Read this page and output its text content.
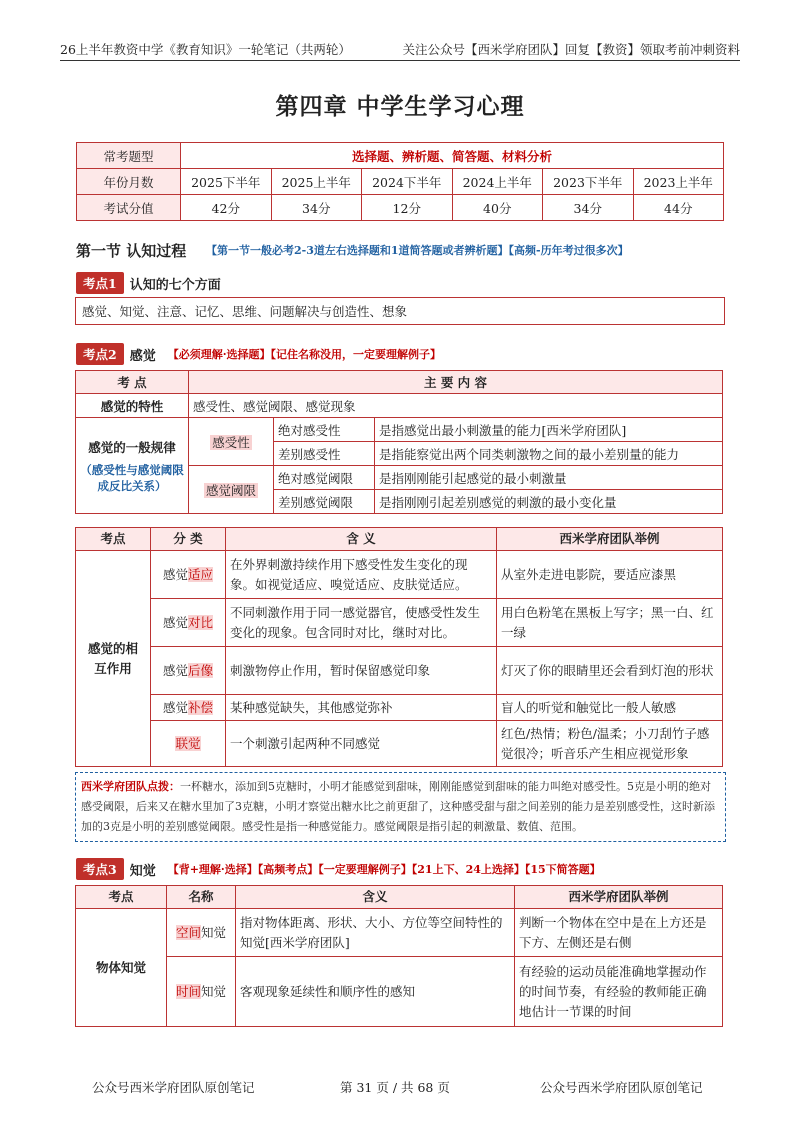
26上半年教资中学《教育知识》一轮笔记（共两轮）	关注公众号【西米学府团队】回复【教资】领取考前冲刺资料
第四章 中学生学习心理
常考题型	选择题、辨析题、简答题、材料分析					
年份月数	2025下半年	2025上半年	2024下半年	2024上半年	2023下半年	2023上半年
考试分值	42分	34分	12分	40分	34分	44分
第一节 认知过程 【第一节一般必考2-3道左右选择题和1道简答题或者辨析题】【高频-历年考过很多次】
考点1	认知的七个方面
感觉、知觉、注意、记忆、思维、问题解决与创造性、想象
考点2	感觉 【必须理解·选择题】【记住名称没用，一定要理解例子】
考 点	主 要 内 容		
感觉的特性	感受性、感觉阈限、感觉现象		

感觉的一般规律
（感受性与感觉阈限成反比关系）	感受性	绝对感受性	是指感觉出最小刺激量的能力[西米学府团队]
		差别感受性	是指能察觉出两个同类刺激物之间的最小差别量的能力
	感觉阈限	绝对感觉阈限	是指刚刚能引起感觉的最小刺激量
		差别感觉阈限	是指刚刚引起差别感觉的刺激的最小变化量
考点	分 类	含 义	西米学府团队举例
感觉的相互作用	感觉适应	在外界刺激持续作用下感受性发生变化的现象。如视觉适应、嗅觉适应、皮肤觉适应。	从室外走进电影院，要适应漆黑
	感觉对比	不同刺激作用于同一感觉器官，使感受性发生变化的现象。包含同时对比，继时对比。	用白色粉笔在黑板上写字；黑一白、红一绿
	感觉后像	刺激物停止作用，暂时保留感觉印象	灯灭了你的眼睛里还会看到灯泡的形状
	感觉补偿	某种感觉缺失，其他感觉弥补	盲人的听觉和触觉比一般人敏感
	联觉	一个刺激引起两种不同感觉	红色/热情；粉色/温柔；小刀刮竹子感觉很冷；听音乐产生相应视觉形象
西米学府团队点拨：一杯糖水，添加到5克糖时，小明才能感觉到甜味，刚刚能感觉到甜味的能力叫绝对感受性。5克是小明的绝对感受阈限，后来又在糖水里加了3克糖，小明才察觉出糖水比之前更甜了，这种感受甜与甜之间差别的能力是差别感受性，这时新添加的3克是小明的差别感觉阈限。感受性是指一种感觉能力。感觉阈限是指引起的刺激量、数值、范围。
考点3	知觉 【背+理解·选择】【高频考点】【一定要理解例子】【21上下、24上选择】【15下简答题】
考点	名称	含义	西米学府团队举例
物体知觉	空间知觉	指对物体距离、形状、大小、方位等空间特性的知觉[西米学府团队]	判断一个物体在空中是在上方还是下方、左侧还是右侧
	时间知觉	客观现象延续性和顺序性的感知	有经验的运动员能准确地掌握动作的时间节奏，有经验的教师能正确地估计一节课的时间
公众号西米学府团队原创笔记	第 31 页 / 共 68 页	公众号西米学府团队原创笔记
